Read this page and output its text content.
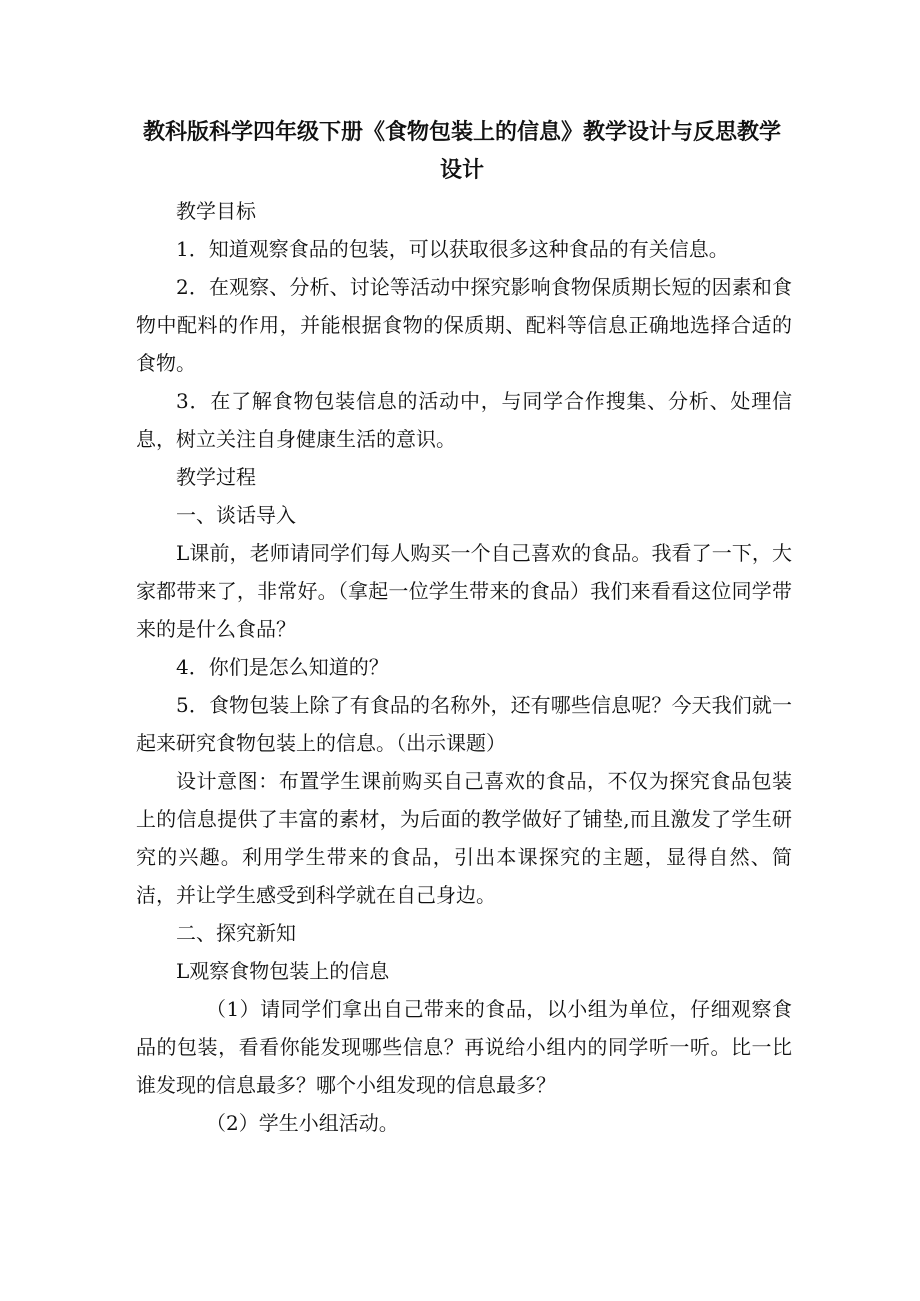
教科版科学四年级下册《食物包装上的信息》教学设计与反思教学设计

教学目标

1．知道观察食品的包装，可以获取很多这种食品的有关信息。

2．在观察、分析、讨论等活动中探究影响食物保质期长短的因素和食物中配料的作用，并能根据食物的保质期、配料等信息正确地选择合适的食物。

3．在了解食物包装信息的活动中，与同学合作搜集、分析、处理信息，树立关注自身健康生活的意识。

教学过程

一、谈话导入

L课前，老师请同学们每人购买一个自己喜欢的食品。我看了一下，大家都带来了，非常好。（拿起一位学生带来的食品）我们来看看这位同学带来的是什么食品？

4．你们是怎么知道的？

5．食物包装上除了有食品的名称外，还有哪些信息呢？今天我们就一起来研究食物包装上的信息。（出示课题）

设计意图：布置学生课前购买自己喜欢的食品，不仅为探究食品包装上的信息提供了丰富的素材，为后面的教学做好了铺垫,而且激发了学生研究的兴趣。利用学生带来的食品，引出本课探究的主题，显得自然、简洁，并让学生感受到科学就在自己身边。

二、探究新知

L观察食物包装上的信息

（1）请同学们拿出自己带来的食品，以小组为单位，仔细观察食品的包装，看看你能发现哪些信息？再说给小组内的同学听一听。比一比谁发现的信息最多？哪个小组发现的信息最多？

（2）学生小组活动。
